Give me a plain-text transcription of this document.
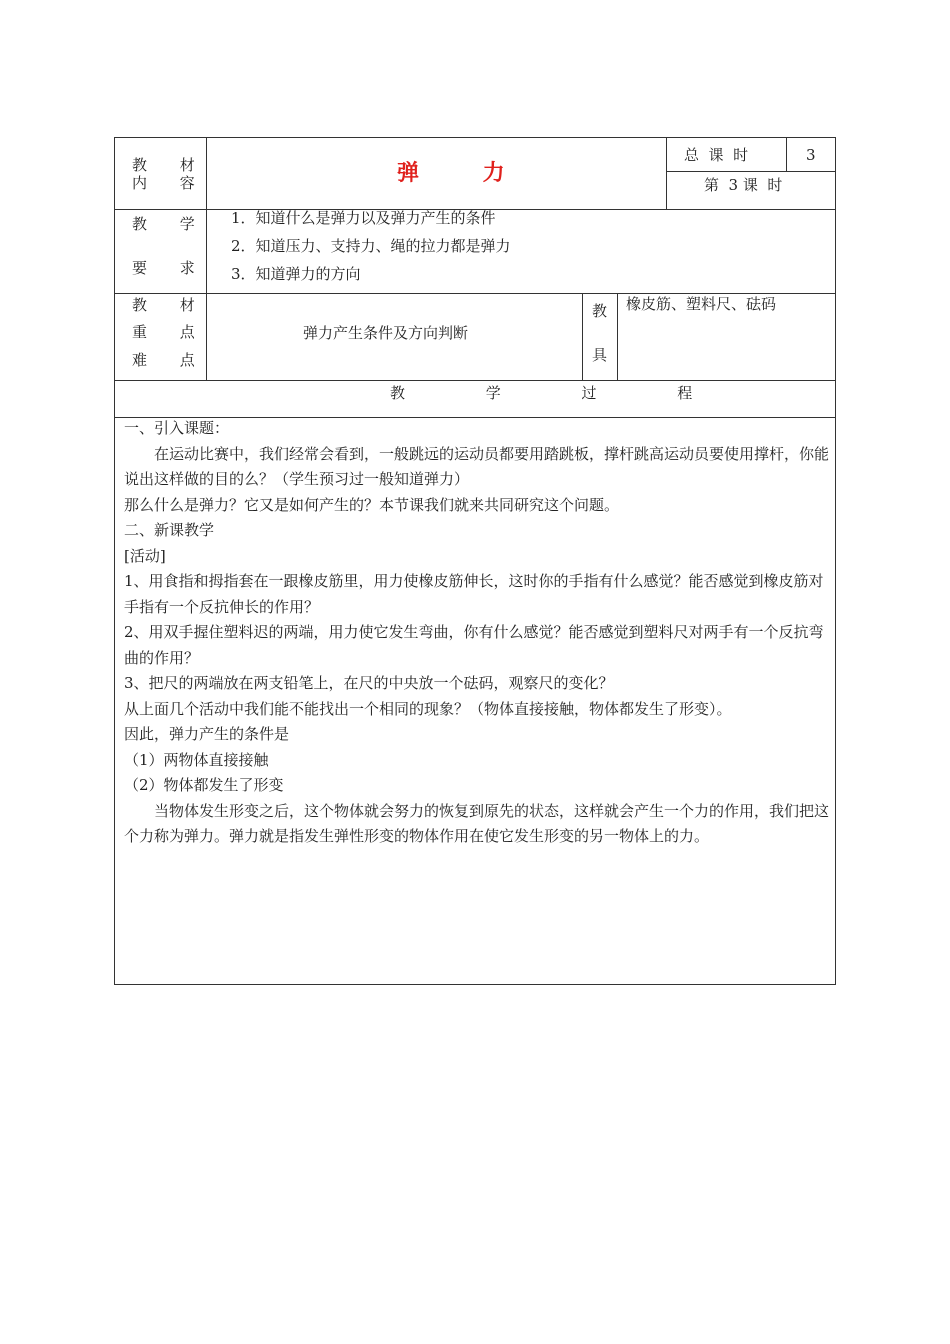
教 材
内 容	弹 力
总  课  时	3
第  3 课  时
教 学
要 求
1．知道什么是弹力以及弹力产生的条件
2．知道压力、支持力、绳的拉力都是弹力
3．知道弹力的方向
教 材
重 点
难 点
弹力产生条件及方向判断
教
具
橡皮筋、塑料尺、砝码
教 学 过 程

一、引入课题：

在运动比赛中，我们经常会看到，一般跳远的运动员都要用踏跳板，撑杆跳高运动员要使用撑杆，你能说出这样做的目的么？（学生预习过一般知道弹力）

那么什么是弹力？它又是如何产生的？本节课我们就来共同研究这个问题。

二、新课教学

[活动]

1、用食指和拇指套在一跟橡皮筋里，用力使橡皮筋伸长，这时你的手指有什么感觉？能否感觉到橡皮筋对手指有一个反抗伸长的作用？

2、用双手握住塑料迟的两端，用力使它发生弯曲，你有什么感觉？能否感觉到塑料尺对两手有一个反抗弯曲的作用？

3、把尺的两端放在两支铅笔上，在尺的中央放一个砝码，观察尺的变化？

从上面几个活动中我们能不能找出一个相同的现象？（物体直接接触，物体都发生了形变）。

因此，弹力产生的条件是

（1）两物体直接接触

（2）物体都发生了形变

当物体发生形变之后，这个物体就会努力的恢复到原先的状态，这样就会产生一个力的作用，我们把这个力称为弹力。弹力就是指发生弹性形变的物体作用在使它发生形变的另一物体上的力。
